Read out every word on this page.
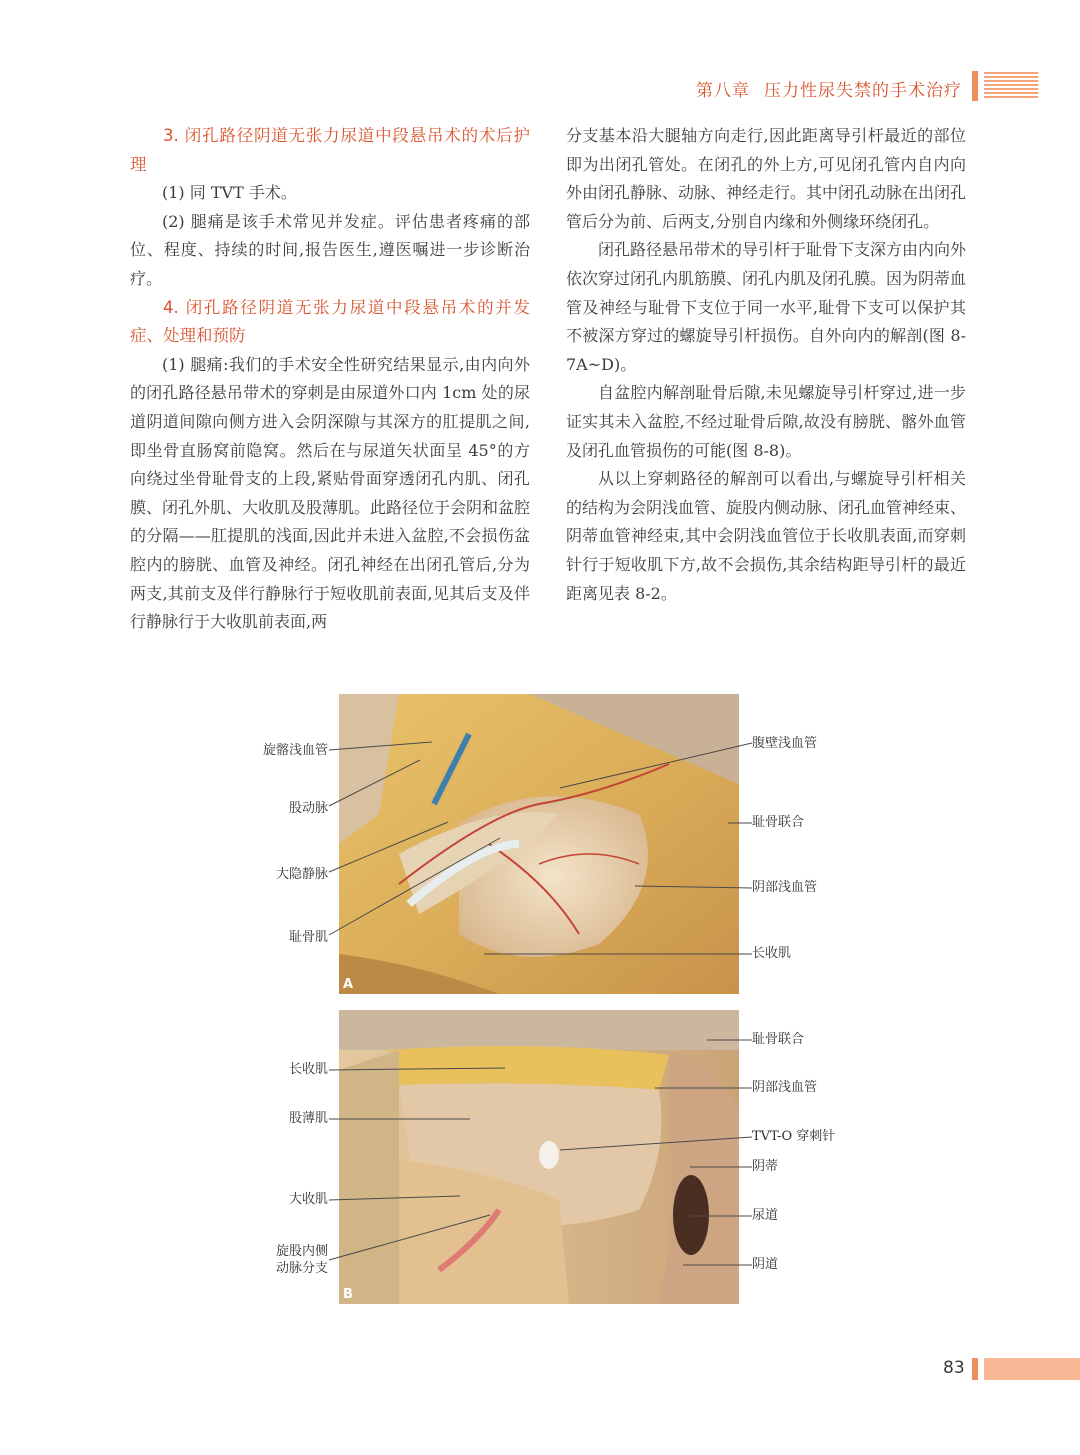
第八章 压力性尿失禁的手术治疗
3. 闭孔路径阴道无张力尿道中段悬吊术的术后护理

(1) 同 TVT 手术。

(2) 腿痛是该手术常见并发症。评估患者疼痛的部位、程度、持续的时间,报告医生,遵医嘱进一步诊断治疗。

4. 闭孔路径阴道无张力尿道中段悬吊术的并发症、处理和预防

(1) 腿痛:我们的手术安全性研究结果显示,由内向外的闭孔路径悬吊带术的穿刺是由尿道外口内 1cm 处的尿道阴道间隙向侧方进入会阴深隙与其深方的肛提肌之间,即坐骨直肠窝前隐窝。然后在与尿道矢状面呈 45°的方向绕过坐骨耻骨支的上段,紧贴骨面穿透闭孔内肌、闭孔膜、闭孔外肌、大收肌及股薄肌。此路径位于会阴和盆腔的分隔——肛提肌的浅面,因此并未进入盆腔,不会损伤盆腔内的膀胱、血管及神经。闭孔神经在出闭孔管后,分为两支,其前支及伴行静脉行于短收肌前表面,见其后支及伴行静脉行于大收肌前表面,两

分支基本沿大腿轴方向走行,因此距离导引杆最近的部位即为出闭孔管处。在闭孔的外上方,可见闭孔管内自内向外由闭孔静脉、动脉、神经走行。其中闭孔动脉在出闭孔管后分为前、后两支,分别自内缘和外侧缘环绕闭孔。

闭孔路径悬吊带术的导引杆于耻骨下支深方由内向外依次穿过闭孔内肌筋膜、闭孔内肌及闭孔膜。因为阴蒂血管及神经与耻骨下支位于同一水平,耻骨下支可以保护其不被深方穿过的螺旋导引杆损伤。自外向内的解剖(图 8-7A~D)。

自盆腔内解剖耻骨后隙,未见螺旋导引杆穿过,进一步证实其未入盆腔,不经过耻骨后隙,故没有膀胱、髂外血管及闭孔血管损伤的可能(图 8-8)。

从以上穿刺路径的解剖可以看出,与螺旋导引杆相关的结构为会阴浅血管、旋股内侧动脉、闭孔血管神经束、阴蒂血管神经束,其中会阴浅血管位于长收肌表面,而穿刺针行于短收肌下方,故不会损伤,其余结构距导引杆的最近距离见表 8-2。

A
B
旋髂浅血管
股动脉
大隐静脉
耻骨肌
腹壁浅血管
耻骨联合
阴部浅血管
长收肌
长收肌
股薄肌
大收肌
旋股内侧
动脉分支
耻骨联合
阴部浅血管
TVT-O 穿刺针
阴蒂
尿道
阴道
83
